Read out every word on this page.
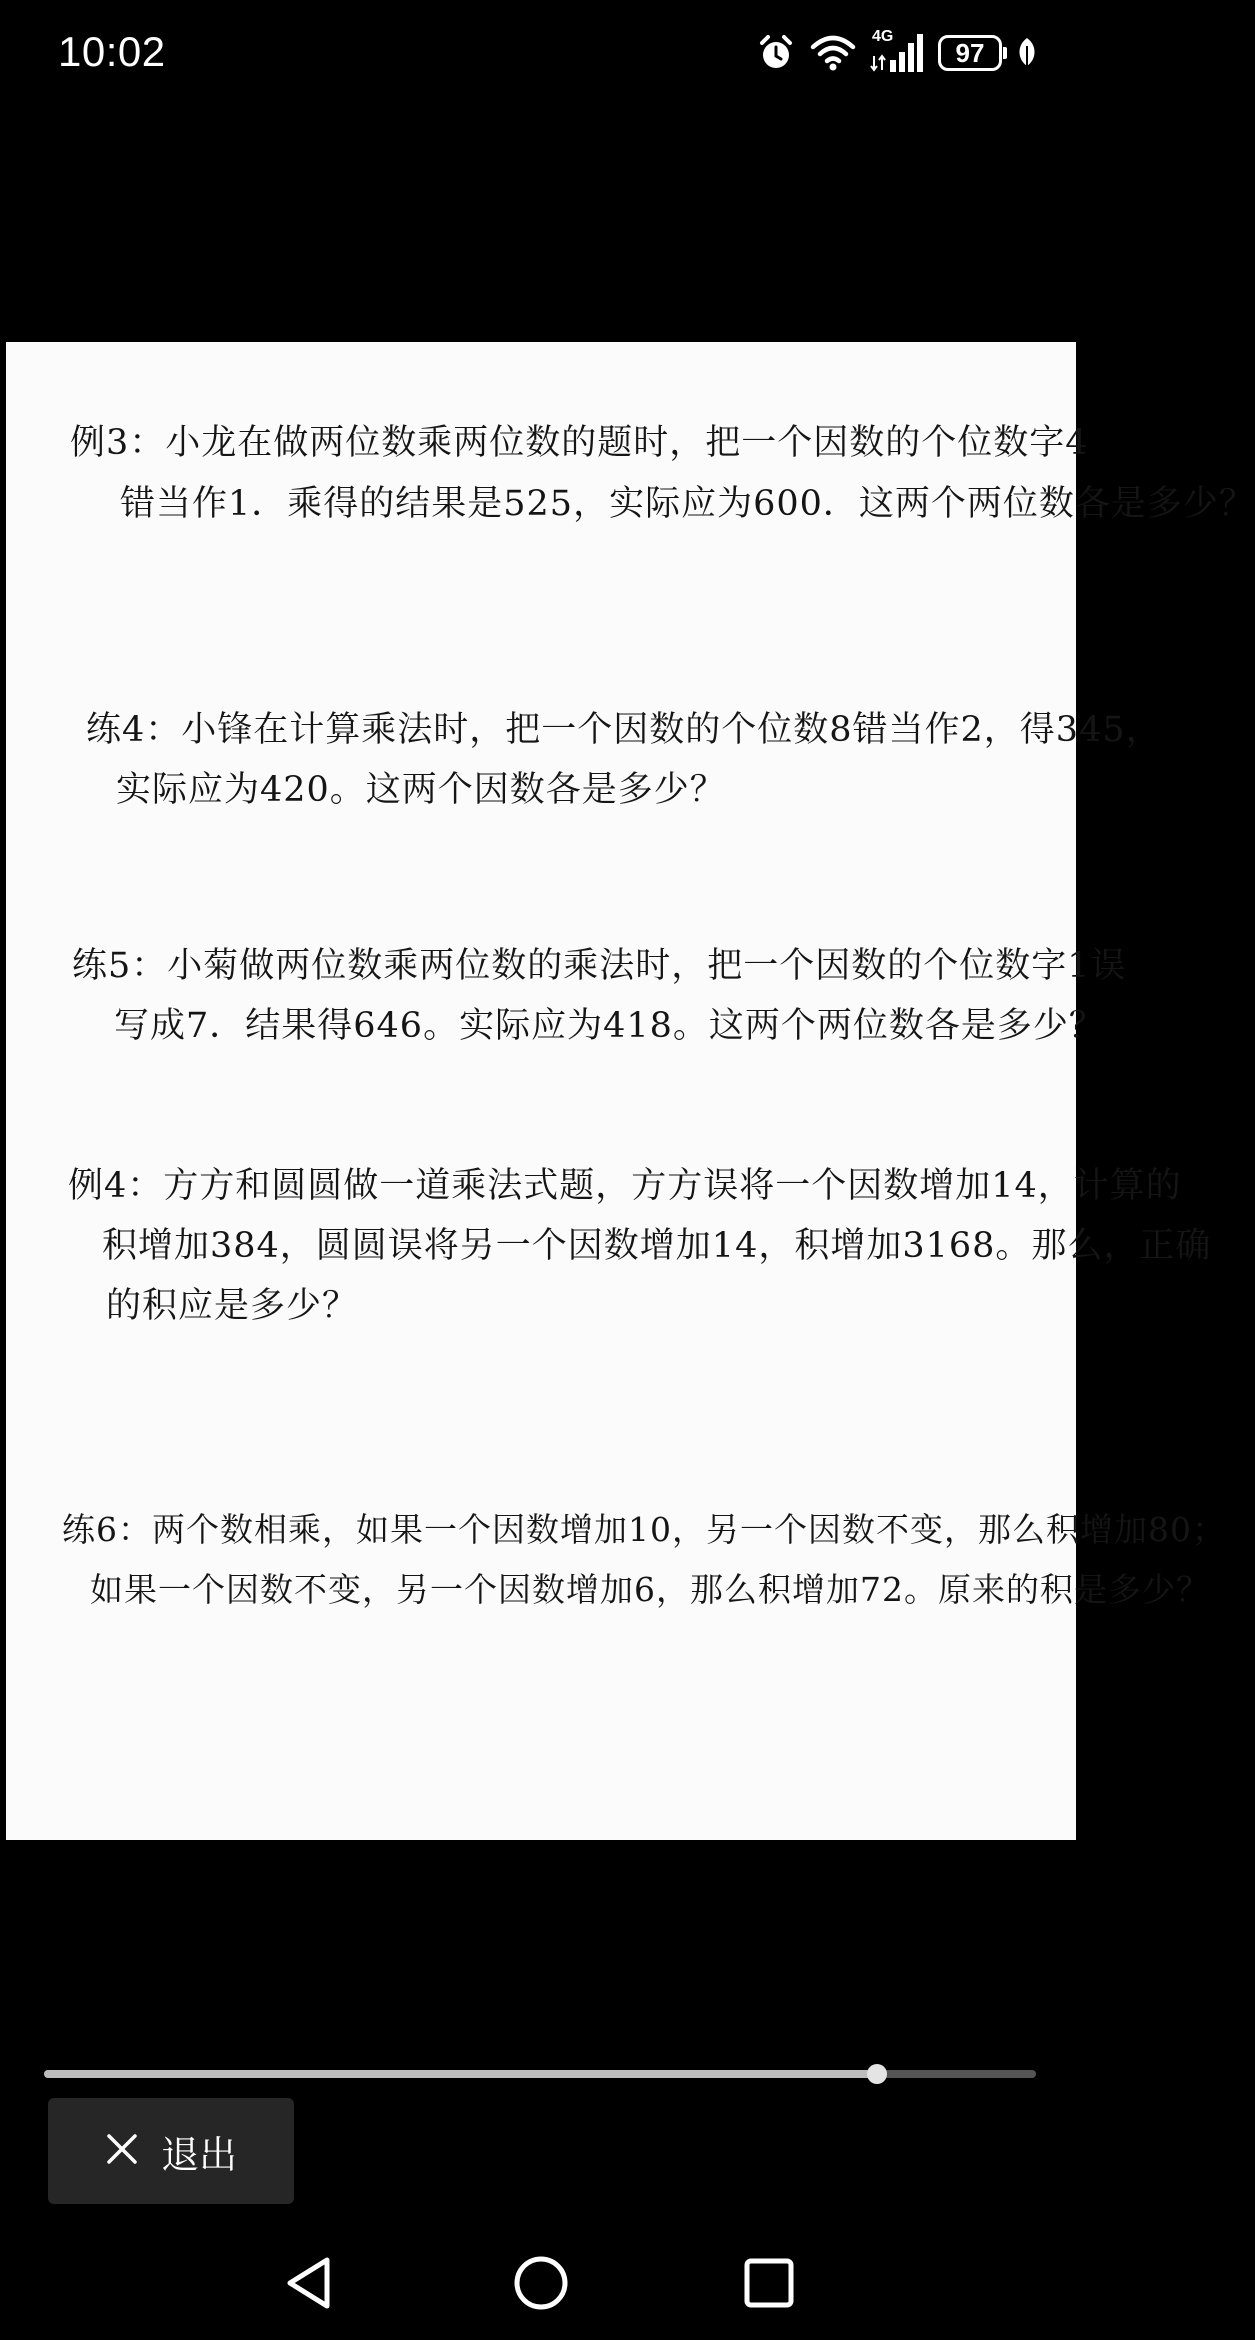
10:02	4G
97
例3：小龙在做两位数乘两位数的题时，把一个因数的个位数字4
错当作1．乘得的结果是525，实际应为600．这两个两位数各是多少？
练4：小锋在计算乘法时，把一个因数的个位数8错当作2，得345，
实际应为420。这两个因数各是多少？
练5：小菊做两位数乘两位数的乘法时，把一个因数的个位数字1误
写成7．结果得646。实际应为418。这两个两位数各是多少？
例4：方方和圆圆做一道乘法式题，方方误将一个因数增加14，计算的
积增加384，圆圆误将另一个因数增加14，积增加3168。那么，正确
的积应是多少？
练6：两个数相乘，如果一个因数增加10，另一个因数不变，那么积增加80；
如果一个因数不变，另一个因数增加6，那么积增加72。原来的积是多少？
退出
